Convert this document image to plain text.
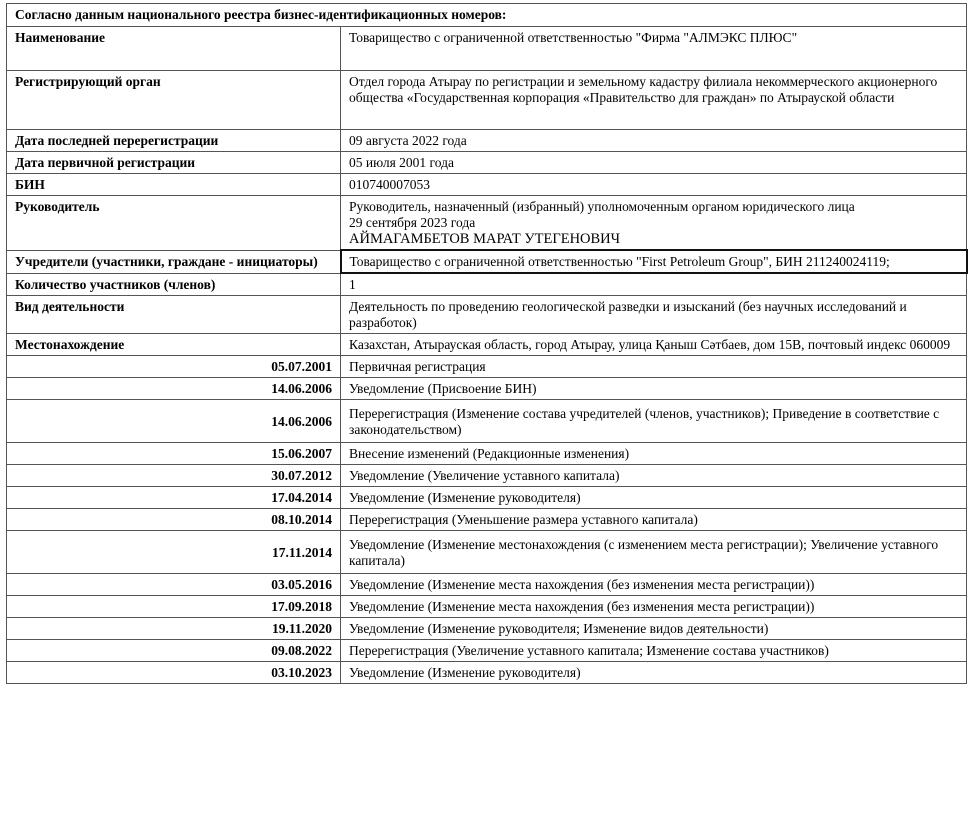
Согласно данным национального реестра бизнес-идентификационных номеров:	
Наименование	Товарищество с ограниченной ответственностью "Фирма "АЛМЭКС ПЛЮС"
Регистрирующий орган	Отдел города Атырау по регистрации и земельному кадастру филиала некоммерческого акционерного общества «Государственная корпорация «Правительство для граждан» по Атырауской области
Дата последней перерегистрации	09 августа 2022 года
Дата первичной регистрации	05 июля 2001 года
БИН	010740007053
Руководитель	Руководитель, назначенный (избранный) уполномоченным органом юридического лица
29 сентября 2023 года
АЙМАГАМБЕТОВ МАРАТ УТЕГЕНОВИЧ

Учредители (участники, граждане - инициаторы)	Товарищество с ограниченной ответственностью "First Petroleum Group", БИН 211240024119;
Количество участников (членов)	1
Вид деятельности	Деятельность по проведению геологической разведки и изысканий (без научных исследований и разработок)
Местонахождение	Казахстан, Атырауская область, город Атырау, улица Қаныш Сәтбаев, дом 15В, почтовый индекс 060009
05.07.2001	Первичная регистрация
14.06.2006	Уведомление (Присвоение БИН)
14.06.2006	Перерегистрация (Изменение состава учредителей (членов, участников); Приведение в соответствие с законодательством)
15.06.2007	Внесение изменений (Редакционные изменения)
30.07.2012	Уведомление (Увеличение уставного капитала)
17.04.2014	Уведомление (Изменение руководителя)
08.10.2014	Перерегистрация (Уменьшение размера уставного капитала)
17.11.2014	Уведомление (Изменение местонахождения (с изменением места регистрации); Увеличение уставного капитала)
03.05.2016	Уведомление (Изменение места нахождения (без изменения места регистрации))
17.09.2018	Уведомление (Изменение места нахождения (без изменения места регистрации))
19.11.2020	Уведомление (Изменение руководителя; Изменение видов деятельности)
09.08.2022	Перерегистрация (Увеличение уставного капитала; Изменение состава участников)
03.10.2023	Уведомление (Изменение руководителя)
